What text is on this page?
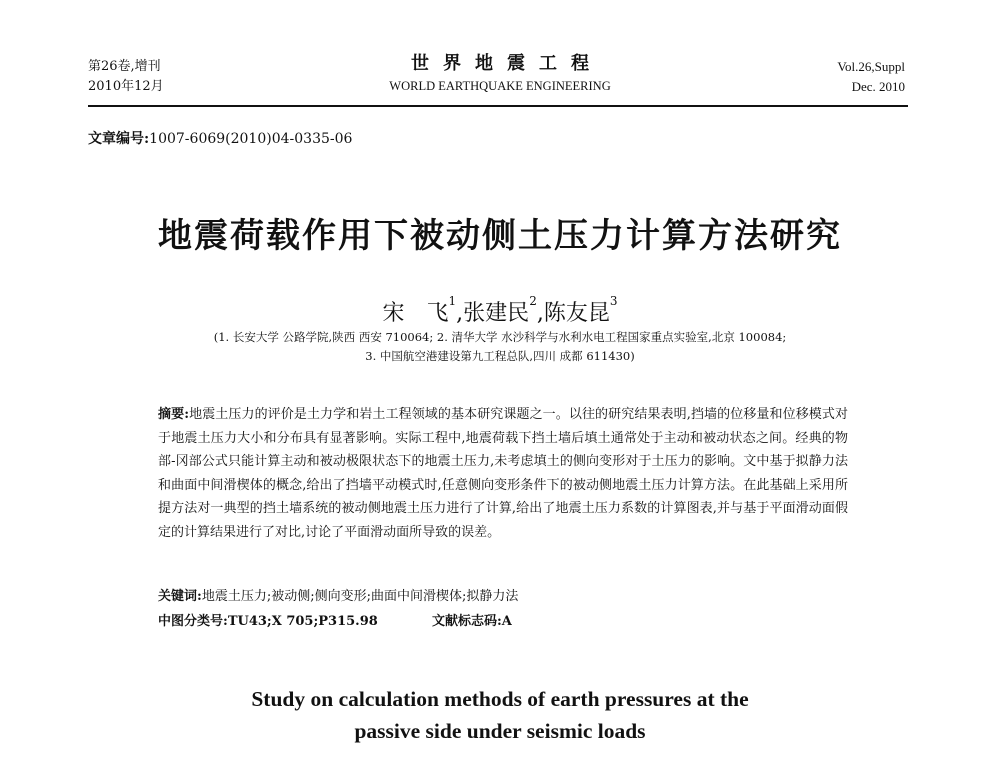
第26卷,增刊
2010年12月
世界地震工程
WORLD EARTHQUAKE ENGINEERING
Vol.26,Suppl
Dec. 2010
文章编号:1007-6069(2010)04-0335-06
地震荷载作用下被动侧土压力计算方法研究
宋　飞$^1$,张建民$^2$,陈友昆$^3$
(1. 长安大学 公路学院,陕西 西安 710064; 2. 清华大学 水沙科学与水利水电工程国家重点实验室,北京 100084;
3. 中国航空港建设第九工程总队,四川 成都 611430)
摘要:地震土压力的评价是土力学和岩土工程领域的基本研究课题之一。以往的研究结果表明,挡墙的位移量和位移模式对于地震土压力大小和分布具有显著影响。实际工程中,地震荷载下挡土墙后填土通常处于主动和被动状态之间。经典的物部-冈部公式只能计算主动和被动极限状态下的地震土压力,未考虑填土的侧向变形对于土压力的影响。文中基于拟静力法和曲面中间滑楔体的概念,给出了挡墙平动模式时,任意侧向变形条件下的被动侧地震土压力计算方法。在此基础上采用所提方法对一典型的挡土墙系统的被动侧地震土压力进行了计算,给出了地震土压力系数的计算图表,并与基于平面滑动面假定的计算结果进行了对比,讨论了平面滑动面所导致的误差。
关键词:地震土压力;被动侧;侧向变形;曲面中间滑楔体;拟静力法
中图分类号:TU43;X 705;P315.98	文献标志码:A
Study on calculation methods of earth pressures at the
passive side under seismic loads
